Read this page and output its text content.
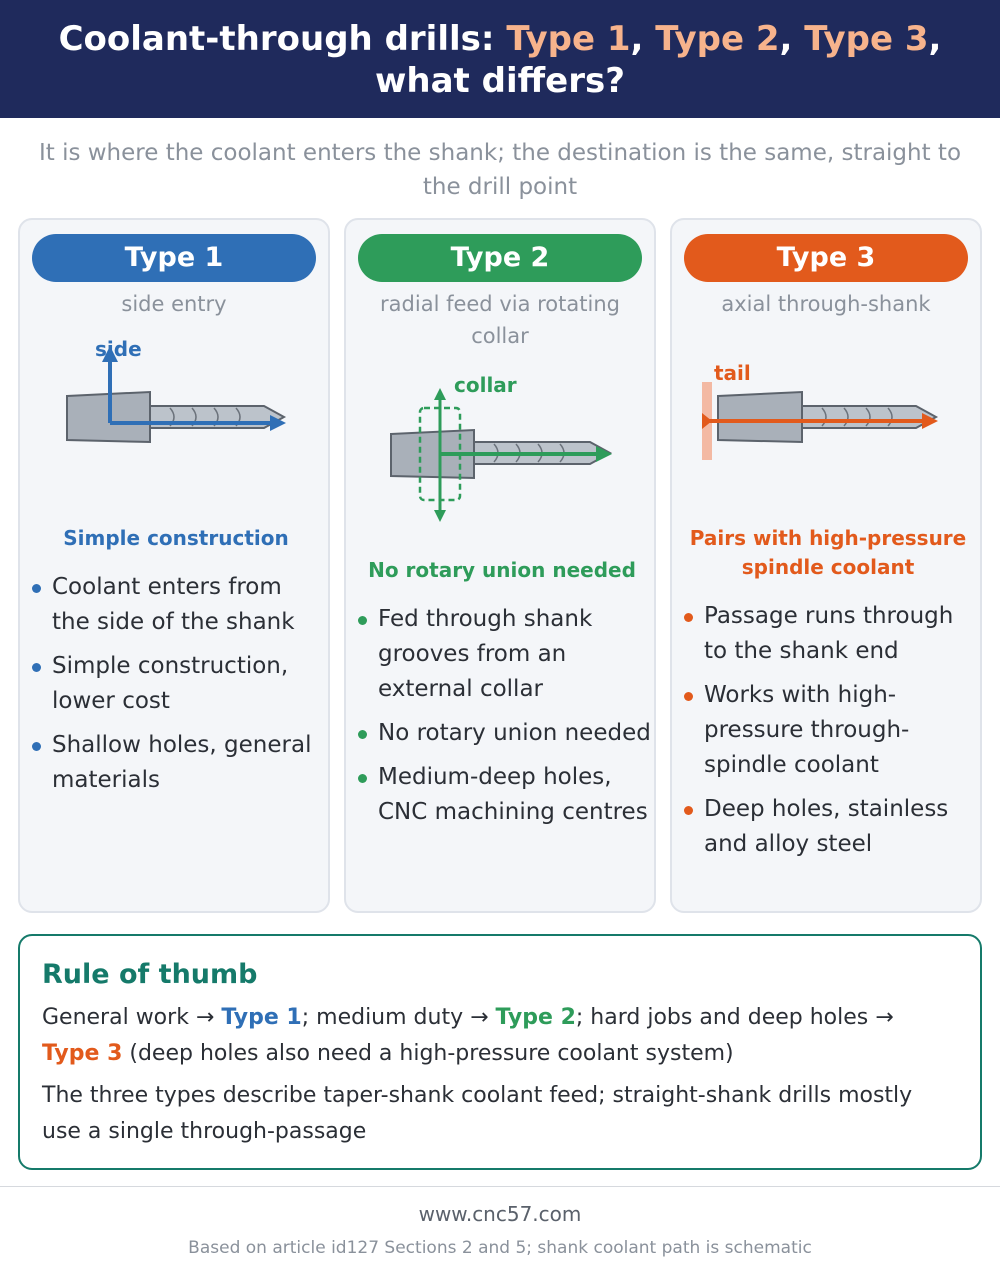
Coolant-through drills: Type 1, Type 2, Type 3, what differs?
It is where the coolant enters the shank; the destination is the same, straight to the drill point
Type 1
side entry
side
Simple construction
Coolant enters from the side of the shank
Simple construction, lower cost
Shallow holes, general materials
Type 2
radial feed via rotating collar
collar
No rotary union needed
Fed through shank grooves from an external collar
No rotary union needed
Medium-deep holes, CNC machining centres
Type 3
axial through-shank
tail
Pairs with high-pressure spindle coolant
Passage runs through to the shank end
Works with high-pressure through-spindle coolant
Deep holes, stainless and alloy steel
Rule of thumb

General work → Type 1; medium duty → Type 2; hard jobs and deep holes → Type 3 (deep holes also need a high-pressure coolant system)

The three types describe taper-shank coolant feed; straight-shank drills mostly use a single through-passage

www.cnc57.com
Based on article id127 Sections 2 and 5; shank coolant path is schematic
